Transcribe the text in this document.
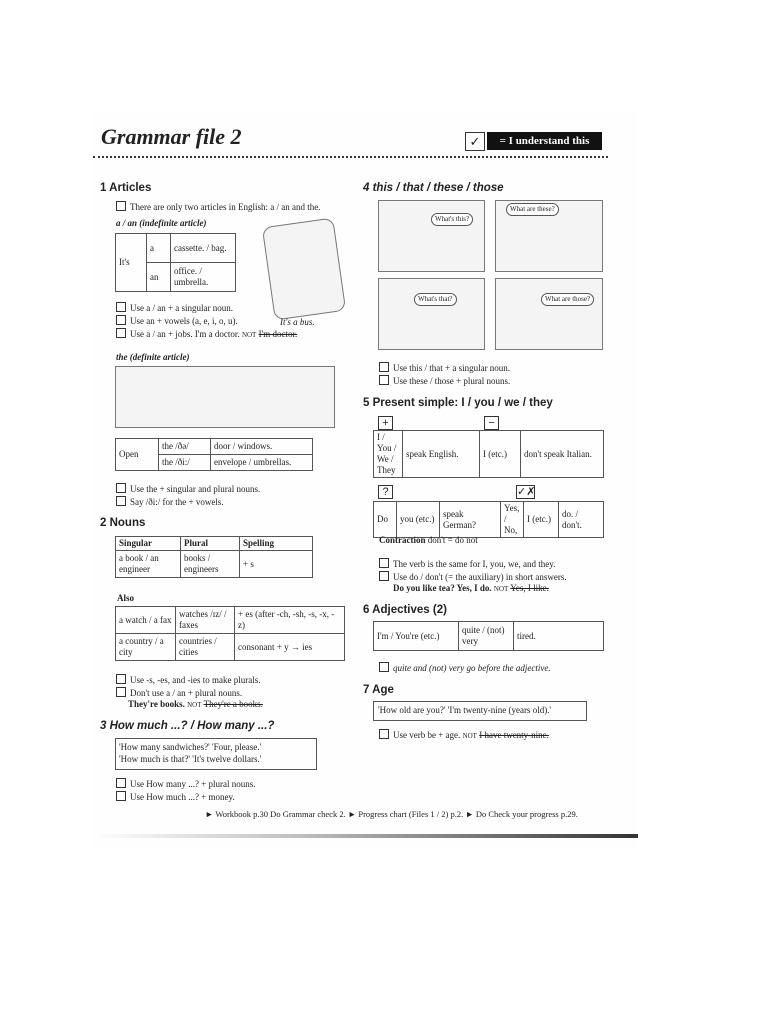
Grammar file 2	✓	= I understand this
1 Articles
There are only two articles in English: a / an and the.
a / an (indefinite article)
It's	a	cassette. / bag.
	an	office. / umbrella.
It's a bus.
Use a / an + a singular noun.
Use an + vowels (a, e, i, o, u).
Use a / an + jobs. I'm a doctor. NOT I'm doctor.
the (definite article)
Open	the /ðə/	door / windows.
	the /ði:/	envelope / umbrellas.
Use the + singular and plural nouns.
Say /ði:/ for the + vowels.
2 Nouns
Singular	Plural	Spelling
a book / an engineer	books / engineers	+ s
Also
a watch / a fax	watches /ɪz/ / faxes	+ es (after -ch, -sh, -s, -x, -z)
a country / a city	countries / cities	consonant + y → ies
Use -s, -es, and -ies to make plurals.
Don't use a / an + plural nouns.
They're books. NOT They're a books.
3 How much ...? / How many ...?
'How many sandwiches?' 'Four, please.'
'How much is that?' 'It's twelve dollars.'
Use How many ...? + plural nouns.
Use How much ...? + money.
4 this / that / these / those
What's this?
What are these?
What's that?	What are those?
Use this / that + a singular noun.
Use these / those + plural nouns.
5 Present simple: I / you / we / they
+	−
I / You / We / They	speak English.	I (etc.)	don't speak Italian.
?	✓✗
Do	you (etc.)	speak German?	Yes, / No,	I (etc.)	do. / don't.
Contraction don't = do not
The verb is the same for I, you, we, and they.
Use do / don't (= the auxiliary) in short answers.
Do you like tea? Yes, I do. NOT Yes, I like.
6 Adjectives (2)
I'm / You're (etc.)	quite / (not) very	tired.
quite and (not) very go before the adjective.
7 Age
'How old are you?' 'I'm twenty-nine (years old).'
Use verb be + age. NOT I have twenty-nine.
► Workbook p.30 Do Grammar check 2. ► Progress chart (Files 1 / 2) p.2. ► Do Check your progress p.29.
